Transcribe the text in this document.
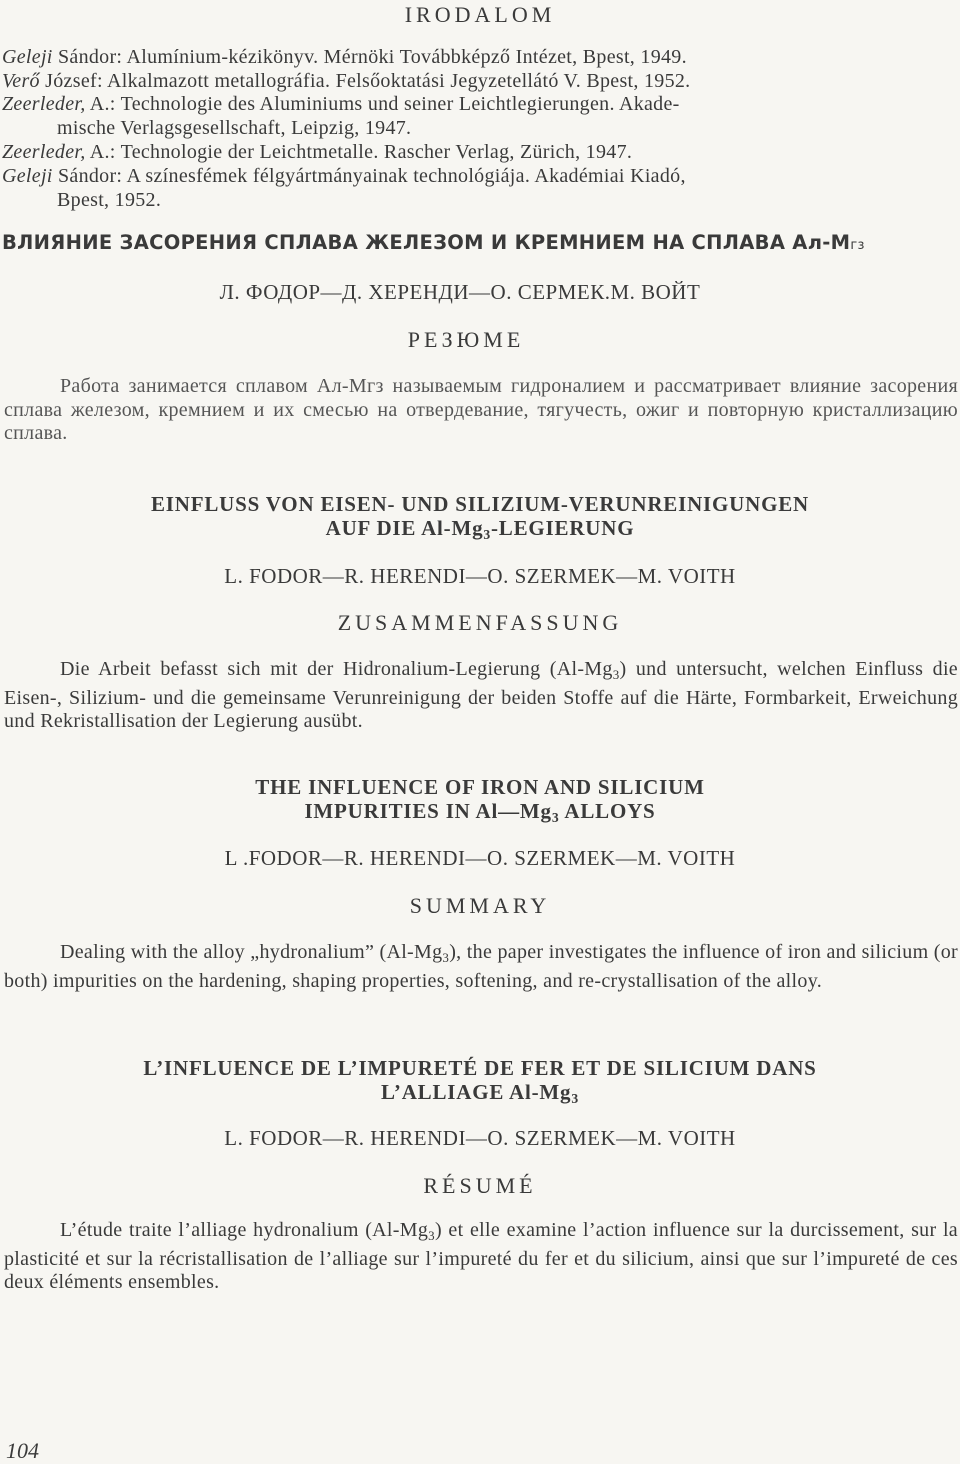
IRODALOM
Geleji Sándor: Alumínium-kézikönyv. Mérnöki Továbbképző Intézet, Bpest, 1949.
Verő József: Alkalmazott metallográfia. Felsőoktatási Jegyzetellátó V. Bpest, 1952.
Zeerleder, A.: Technologie des Aluminiums und seiner Leichtlegierungen. Akade-
mische Verlagsgesellschaft, Leipzig, 1947.
Zeerleder, A.: Technologie der Leichtmetalle. Rascher Verlag, Zürich, 1947.
Geleji Sándor: A színesfémek félgyártmányainak technológiája. Akadémiai Kiadó,
Bpest, 1952.
ВЛИЯНИЕ ЗАСОРЕНИЯ СПЛАВА ЖЕЛЕЗОМ И КРЕМНИЕМ НА СПЛАВА Ал-Мгз
Л. ФОДОР—Д. ХЕРЕНДИ—О. СЕРМЕК.М. ВОЙТ
РЕЗЮМЕ
Работа занимается сплавом Ал-Мгз называемым гидроналием и рассматривает влияние засорения сплава железом, кремнием и их смесью на отвердевание, тягучесть, ожиг и повторную кристаллизацию сплава.
EINFLUSS VON EISEN- UND SILIZIUM-VERUNREINIGUNGEN
AUF DIE $Al-Mg_3$-LEGIERUNG
L. FODOR—R. HERENDI—O. SZERMEK—M. VOITH
ZUSAMMENFASSUNG
Die Arbeit befasst sich mit der Hidronalium-Legierung $(Al-Mg_3)$ und untersucht, welchen Einfluss die Eisen-, Silizium- und die gemeinsame Verunreinigung der beiden Stoffe auf die Härte, Formbarkeit, Erweichung und Rekristallisation der Legierung ausübt.
THE INFLUENCE OF IRON AND SILICIUM
IMPURITIES IN $Al—Mg_3$ ALLOYS
L .FODOR—R. HERENDI—O. SZERMEK—M. VOITH
SUMMARY
Dealing with the alloy „hydronalium” $(Al-Mg_3)$, the paper investigates the influence of iron and silicium (or both) impurities on the hardening, shaping properties, softening, and re-crystallisation of the alloy.
L’INFLUENCE DE L’IMPURETÉ DE FER ET DE SILICIUM DANS
L’ALLIAGE $Al-Mg_3$
L. FODOR—R. HERENDI—O. SZERMEK—M. VOITH
RÉSUMÉ
L’étude traite l’alliage hydronalium $(Al-Mg_3)$ et elle examine l’action influence sur la durcissement, sur la plasticité et sur la récristallisation de l’alliage sur l’impureté du fer et du silicium, ainsi que sur l’impureté de ces deux éléments ensembles.
104
